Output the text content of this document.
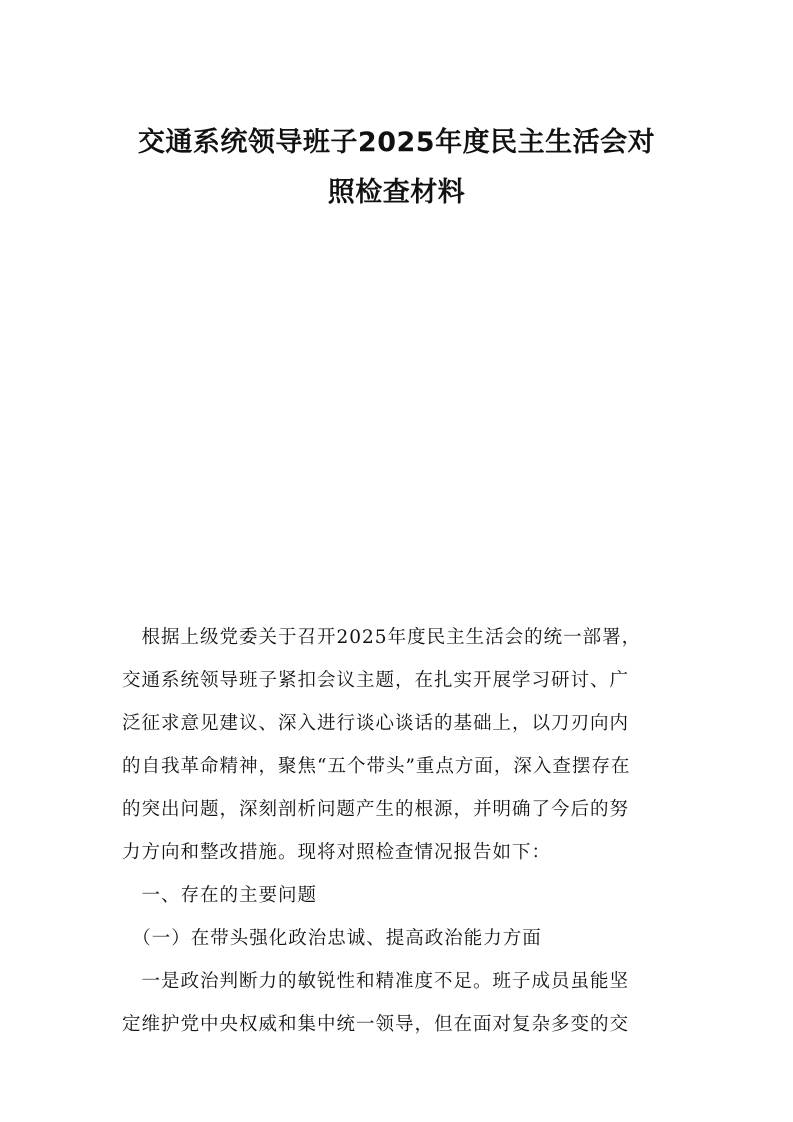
交通系统领导班子2025年度民主生活会对
照检查材料

　根据上级党委关于召开2025年度民主生活会的统一部署，

交通系统领导班子紧扣会议主题，在扎实开展学习研讨、广

泛征求意见建议、深入进行谈心谈话的基础上，以刀刃向内

的自我革命精神，聚焦“五个带头”重点方面，深入查摆存在

的突出问题，深刻剖析问题产生的根源，并明确了今后的努

力方向和整改措施。现将对照检查情况报告如下：

　一、存在的主要问题

　（一）在带头强化政治忠诚、提高政治能力方面

　一是政治判断力的敏锐性和精准度不足。班子成员虽能坚

定维护党中央权威和集中统一领导，但在面对复杂多变的交
